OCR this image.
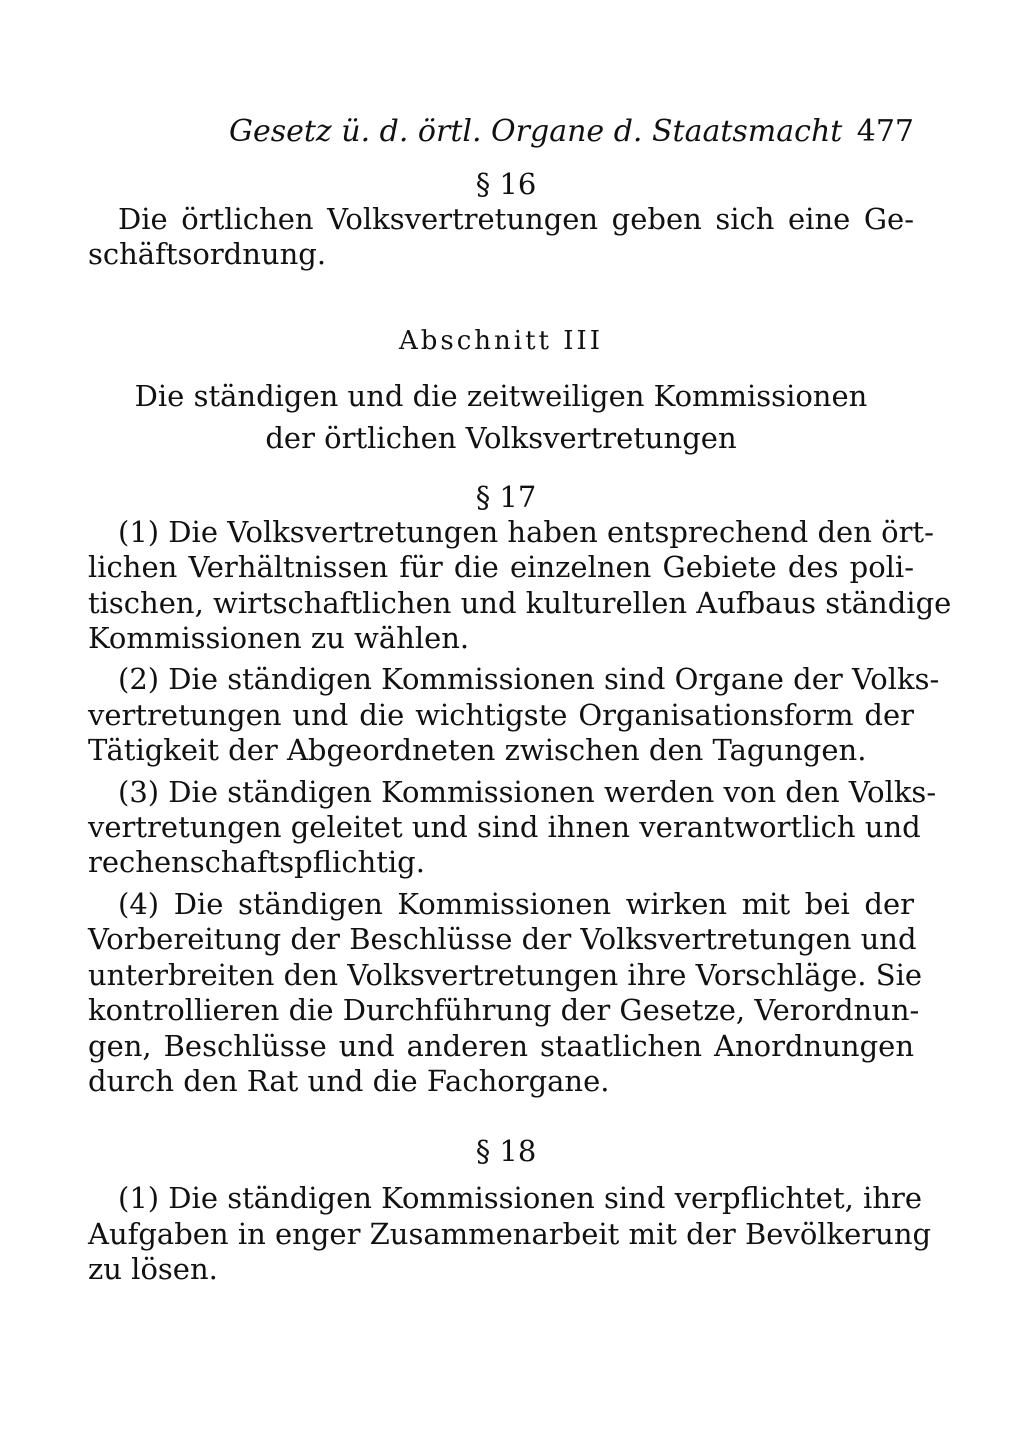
Gesetz ü. d. örtl. Organe d. Staatsmacht 477

§ 16

Die örtlichen Volksvertretungen geben sich eine Ge-
schäftsordnung.
Abschnitt III
Die ständigen und die zeitweiligen Kommissionen
der örtlichen Volksvertretungen

§ 17

(1) Die Volksvertretungen haben entsprechend den ört-
lichen Verhältnissen für die einzelnen Gebiete des poli-
tischen, wirtschaftlichen und kulturellen Aufbaus ständige
Kommissionen zu wählen.
(2) Die ständigen Kommissionen sind Organe der Volks-
vertretungen und die wichtigste Organisationsform der
Tätigkeit der Abgeordneten zwischen den Tagungen.
(3) Die ständigen Kommissionen werden von den Volks-
vertretungen geleitet und sind ihnen verantwortlich und
rechenschaftspflichtig.
(4) Die ständigen Kommissionen wirken mit bei der
Vorbereitung der Beschlüsse der Volksvertretungen und
unterbreiten den Volksvertretungen ihre Vorschläge. Sie
kontrollieren die Durchführung der Gesetze, Verordnun-
gen, Beschlüsse und anderen staatlichen Anordnungen
durch den Rat und die Fachorgane.

§ 18

(1) Die ständigen Kommissionen sind verpflichtet, ihre
Aufgaben in enger Zusammenarbeit mit der Bevölkerung
zu lösen.
